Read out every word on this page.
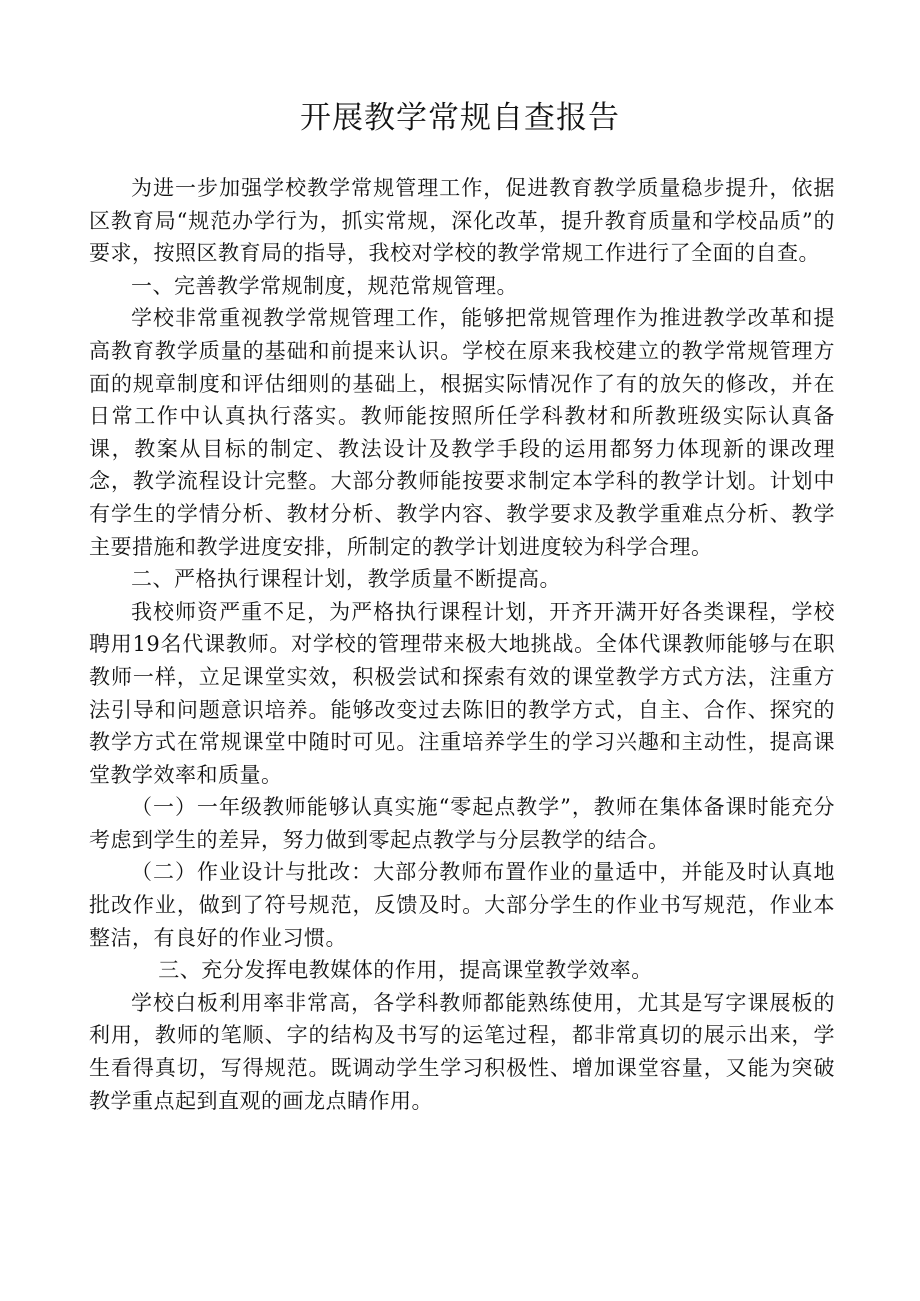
开展教学常规自查报告

为进一步加强学校教学常规管理工作，促进教育教学质量稳步提升，依据区教育局“规范办学行为，抓实常规，深化改革，提升教育质量和学校品质”的要求，按照区教育局的指导，我校对学校的教学常规工作进行了全面的自查。

一、完善教学常规制度，规范常规管理。

学校非常重视教学常规管理工作，能够把常规管理作为推进教学改革和提高教育教学质量的基础和前提来认识。学校在原来我校建立的教学常规管理方面的规章制度和评估细则的基础上，根据实际情况作了有的放矢的修改，并在日常工作中认真执行落实。教师能按照所任学科教材和所教班级实际认真备课，教案从目标的制定、教法设计及教学手段的运用都努力体现新的课改理念，教学流程设计完整。大部分教师能按要求制定本学科的教学计划。计划中有学生的学情分析、教材分析、教学内容、教学要求及教学重难点分析、教学主要措施和教学进度安排，所制定的教学计划进度较为科学合理。

二、严格执行课程计划，教学质量不断提高。

我校师资严重不足，为严格执行课程计划，开齐开满开好各类课程，学校聘用19名代课教师。对学校的管理带来极大地挑战。全体代课教师能够与在职教师一样，立足课堂实效，积极尝试和探索有效的课堂教学方式方法，注重方法引导和问题意识培养。能够改变过去陈旧的教学方式，自主、合作、探究的教学方式在常规课堂中随时可见。注重培养学生的学习兴趣和主动性，提高课堂教学效率和质量。

（一）一年级教师能够认真实施“零起点教学”，教师在集体备课时能充分考虑到学生的差异，努力做到零起点教学与分层教学的结合。

（二）作业设计与批改：大部分教师布置作业的量适中，并能及时认真地批改作业，做到了符号规范，反馈及时。大部分学生的作业书写规范，作业本整洁，有良好的作业习惯。

三、充分发挥电教媒体的作用，提高课堂教学效率。

学校白板利用率非常高，各学科教师都能熟练使用，尤其是写字课展板的利用，教师的笔顺、字的结构及书写的运笔过程，都非常真切的展示出来，学生看得真切，写得规范。既调动学生学习积极性、增加课堂容量，又能为突破教学重点起到直观的画龙点睛作用。
